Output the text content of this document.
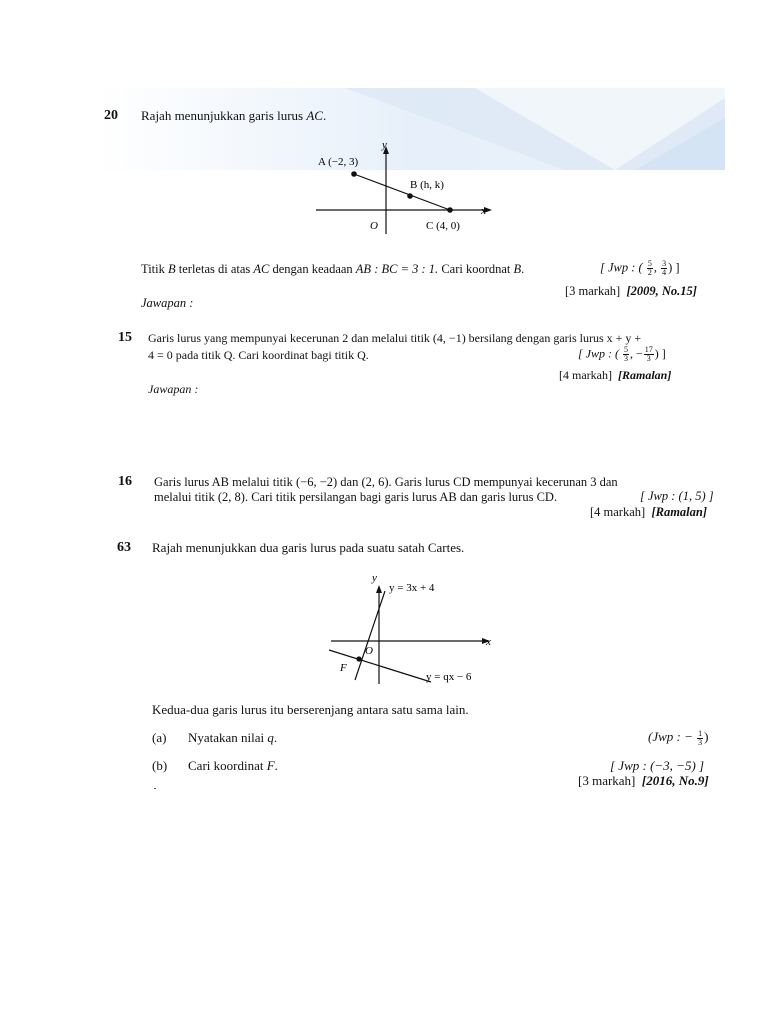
20 Rajah menunjukkan garis lurus AC.
y
x
O
A (−2, 3)
B (h, k)
C (4, 0)
Titik B terletas di atas AC dengan keadaan AB : BC = 3 : 1. Cari koordnat B.	[ Jwp : ( $\frac{5}{2}$ , $\frac{3}{4}$ ) ]
[3 markah] [2009, No.15]
Jawapan :
15 Garis lurus yang mempunyai kecerunan 2 dan melalui titik (4, −1) bersilang dengan garis lurus x + y +
4 = 0 pada titik Q. Cari koordinat bagi titik Q.	[ Jwp : ( $\frac{5}{3}$ , − $\frac{17}{3}$ ) ]
[4 markah] [Ramalan]
Jawapan :
16 Garis lurus AB melalui titik (−6, −2) dan (2, 6). Garis lurus CD mempunyai kecerunan 3 dan
melalui titik (2, 8). Cari titik persilangan bagi garis lurus AB dan garis lurus CD.	[ Jwp : (1, 5) ]
[4 markah] [Ramalan]
63 Rajah menunjukkan dua garis lurus pada suatu satah Cartes.
y
x
O
F
y = 3x + 4
y = qx − 6
Kedua-dua garis lurus itu berserenjang antara satu sama lain.
(a) Nyatakan nilai q.	(Jwp : − $\frac{1}{3}$ )
(b) Cari koordinat F.	[ Jwp : (−3, −5) ]
[3 markah] [2016, No.9]
